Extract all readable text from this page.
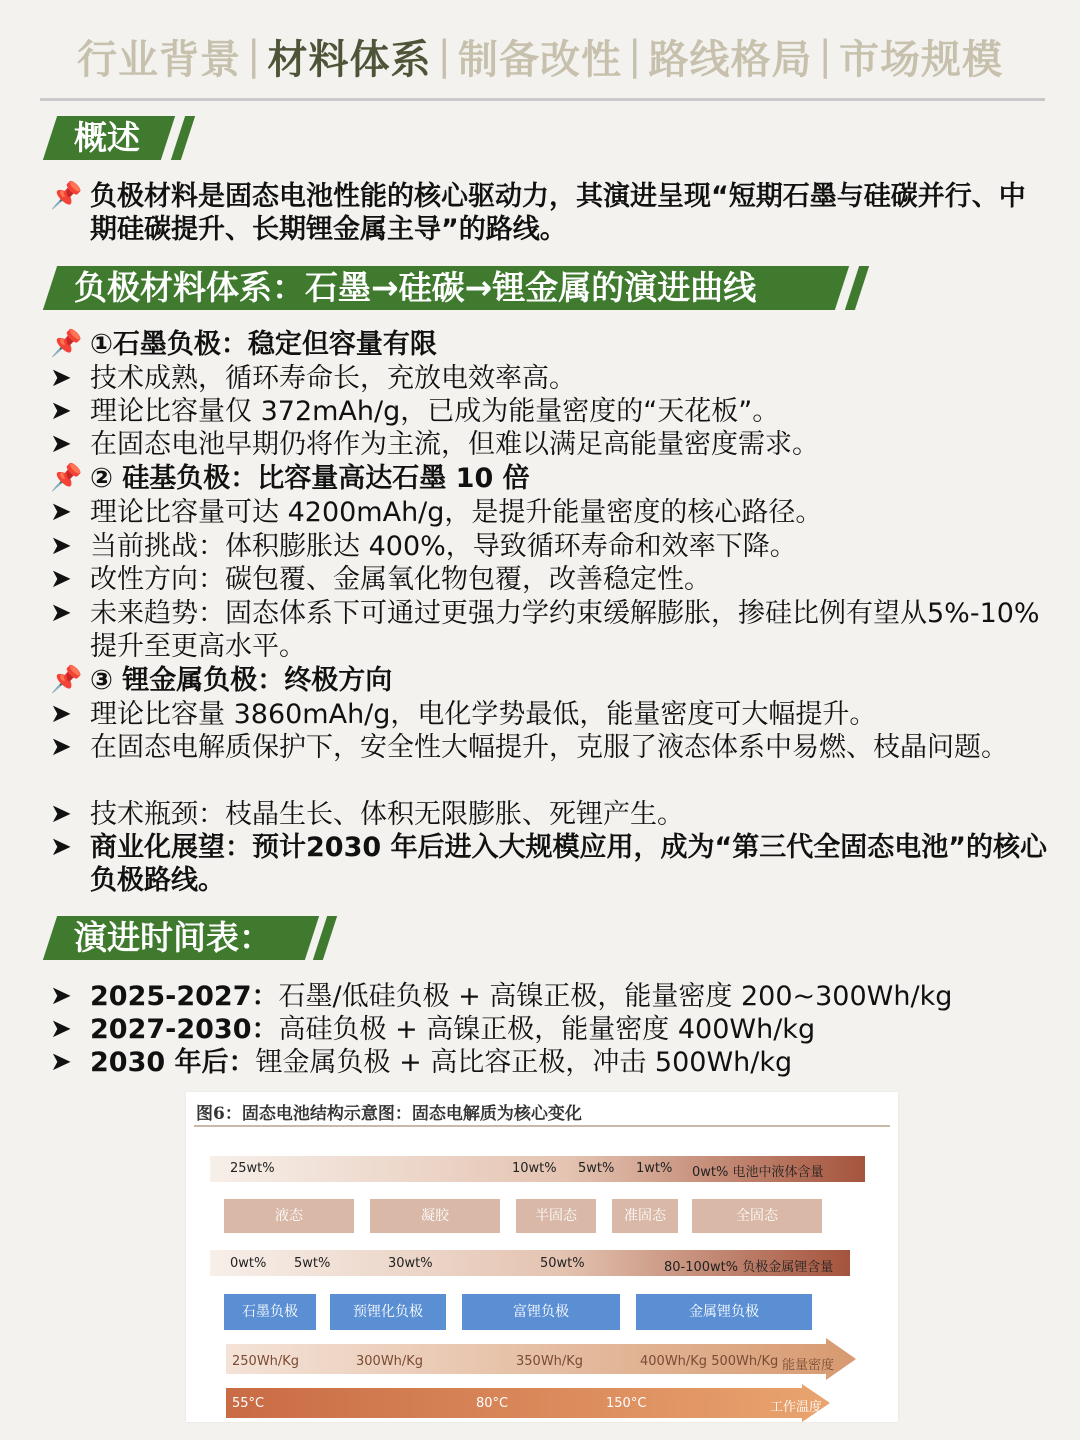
行业背景 | 材料体系 | 制备改性 | 路线格局 | 市场规模
概述
📌 负极材料是固态电池性能的核心驱动力，其演进呈现“短期石墨与硅碳并行、中期硅碳提升、长期锂金属主导”的路线。
负极材料体系：石墨→硅碳→锂金属的演进曲线
📌 ①石墨负极：稳定但容量有限
➤ 技术成熟，循环寿命长，充放电效率高。
➤ 理论比容量仅 372mAh/g，已成为能量密度的“天花板”。
➤ 在固态电池早期仍将作为主流，但难以满足高能量密度需求。
📌 ② 硅基负极：比容量高达石墨 10 倍
➤ 理论比容量可达 4200mAh/g，是提升能量密度的核心路径。
➤ 当前挑战：体积膨胀达 400%，导致循环寿命和效率下降。
➤ 改性方向：碳包覆、金属氧化物包覆，改善稳定性。
➤ 未来趋势：固态体系下可通过更强力学约束缓解膨胀，掺硅比例有望从5%-10% 提升至更高水平。
📌 ③ 锂金属负极：终极方向
➤ 理论比容量 3860mAh/g，电化学势最低，能量密度可大幅提升。
➤ 在固态电解质保护下，安全性大幅提升，克服了液态体系中易燃、枝晶问题。
➤ 技术瓶颈：枝晶生长、体积无限膨胀、死锂产生。
➤ 商业化展望：预计2030 年后进入大规模应用，成为“第三代全固态电池”的核心负极路线。
演进时间表：
➤ 2025-2027：石墨/低硅负极 + 高镍正极，能量密度 200~300Wh/kg
➤ 2027-2030：高硅负极 + 高镍正极，能量密度 400Wh/kg
➤ 2030 年后：锂金属负极 + 高比容正极，冲击 500Wh/kg
图6：固态电池结构示意图：固态电解质为核心变化
25wt%	10wt% 5wt% 1wt% 0wt% 电池中液体含量
液态	凝胶	半固态	准固态	全固态
0wt% 5wt%	30wt%	50wt%	80-100wt% 负极金属锂含量
石墨负极	预锂化负极	富锂负极	金属锂负极
250Wh/Kg	300Wh/Kg	350Wh/Kg	400Wh/Kg 500Wh/Kg 能量密度
55°C	80°C	150°C	工作温度
